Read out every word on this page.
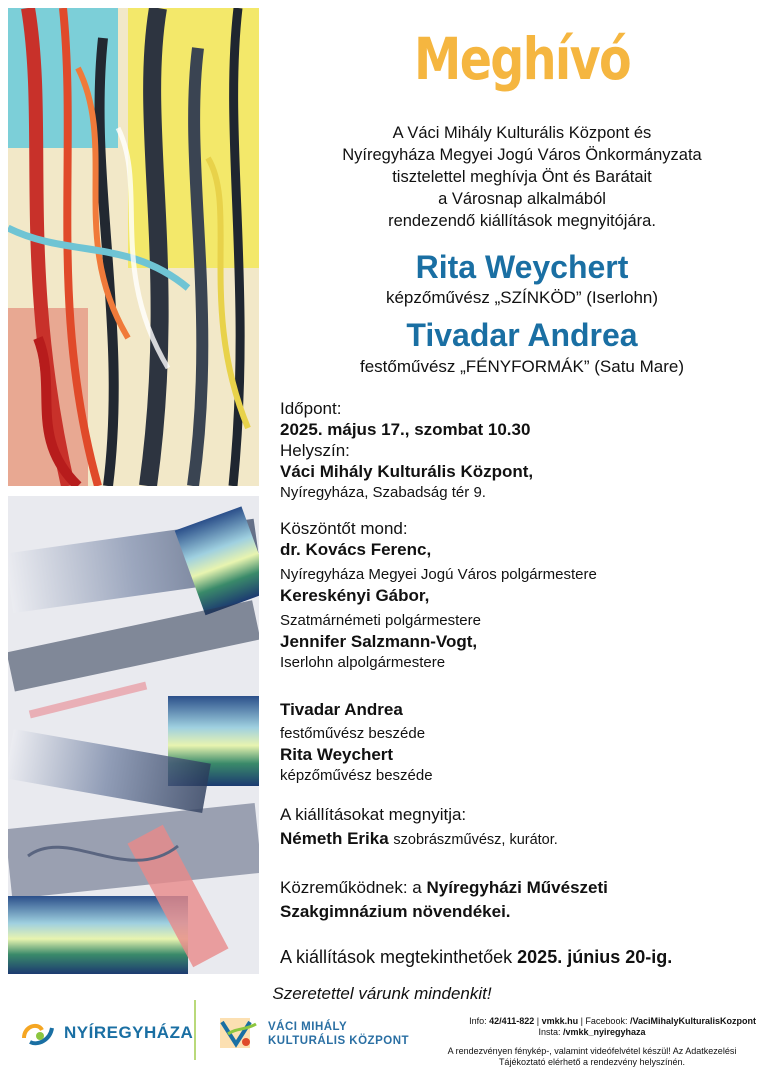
Meghívó
A Váci Mihály Kulturális Központ és
Nyíregyháza Megyei Jogú Város Önkormányzata
tisztelettel meghívja Önt és Barátait
a Városnap alkalmából
rendezendő kiállítások megnyitójára.
Rita Weychert
képzőművész „SZÍNKÖD” (Iserlohn)
Tivadar Andrea
festőművész „FÉNYFORMÁK” (Satu Mare)
Időpont:
2025. május 17., szombat 10.30
Helyszín:
Váci Mihály Kulturális Központ,
Nyíregyháza, Szabadság tér 9.
Köszöntőt mond:
dr. Kovács Ferenc,
Nyíregyháza Megyei Jogú Város polgármestere
Kereskényi Gábor,
Szatmárnémeti polgármestere
Jennifer Salzmann-Vogt,
Iserlohn alpolgármestere
Tivadar Andrea
festőművész beszéde
Rita Weychert
képzőművész beszéde
A kiállításokat megnyitja:
Németh Erika szobrászművész, kurátor.
Közreműködnek: a Nyíregyházi Művészeti
Szakgimnázium növendékei.
A kiállítások megtekinthetőek 2025. június 20-ig.
Szeretettel várunk mindenkit!
NYÍREGYHÁZA	VÁCI MIHÁLY
KULTURÁLIS KÖZPONT
Info: 42/411-822 | vmkk.hu | Facebook: /VaciMihalyKulturalisKozpont
Insta: /vmkk_nyiregyhaza
A rendezvényen fénykép-, valamint videófelvétel készül! Az Adatkezelési
Tájékoztató elérhető a rendezvény helyszínén.
